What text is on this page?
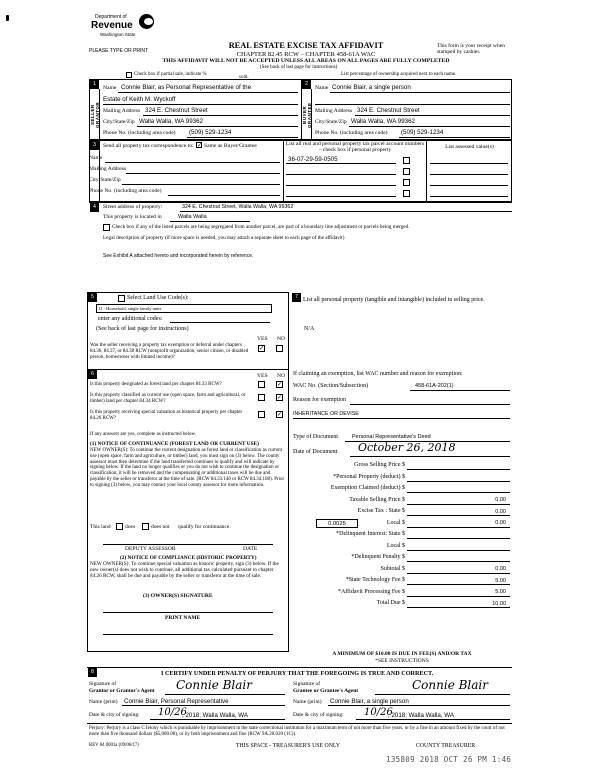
Department of
Revenue
Washington State
PLEASE TYPE OR PRINT
REAL ESTATE EXCISE TAX AFFIDAVIT
CHAPTER 82.45 RCW – CHAPTER 458-61A WAC
THIS AFFIDAVIT WILL NOT BE ACCEPTED UNLESS ALL AREAS ON ALL PAGES ARE FULLY COMPLETED
(See back of last page for instructions)
This form is your receipt when stamped by cashier.
Check box if partial sale, indicate %
sold.
List percentage of ownership acquired next to each name.
1	2
SELLER GRANTOR	BUYER GRANTEE
Name Connie Blair, as Personal Representative of the
Estate of Keith M. Wyckoff
Mailing Address 324 E. Chestnut Street
City/State/Zip Walla Walla, WA 99362
Phone No. (including area code) (509) 529-1234
Name Connie Blair, a single person
Mailing Address 324 E. Chestnut Street
City/State/Zip Walla Walla, WA 99362
Phone No. (including area code) (509) 529-1234
3	Send all property tax correspondence to: ✓ Same as Buyer/Grantee
Name
Mailing Address
City/State/Zip
Phone No. (including area code)
List all real and personal property tax parcel account numbers – check box if personal property
List assessed value(s)
36-07-29-59-0505
4	Street address of property:	324 E. Chestnut Street, Walla Walla, WA 99362
This property is located in	Walla Walla
Check box if any of the listed parcels are being segregated from another parcel, are part of a boundary line adjustment or parcels being merged.
Legal description of property (if more space is needed, you may attach a separate sheet to each page of the affidavit)
See Exhibit A attached hereto and incorporated herein by reference.
5	Select Land Use Code(s):
11 - Household, single family units
enter any additional codes:
(See back of last page for instructions)
YES NO
Was the seller receiving a property tax exemption or deferral under chapters 84.36, 84.37, or 84.38 RCW (nonprofit organization, senior citizen, or disabled person, homeowner with limited income)?
✓
6	YES NO
Is this property designated as forest land per chapter 84.33 RCW?	✓
Is this property classified as current use (open space, farm and agricultural, or timber) land per chapter 84.34 RCW?
✓
Is this property receiving special valuation as historical property per chapter 84.26 RCW?
✓
If any answers are yes, complete as instructed below.
(1) NOTICE OF CONTINUANCE (FOREST LAND OR CURRENT USE)
NEW OWNER(S): To continue the current designation as forest land or classification as current use (open space, farm and agriculture, or timber) land, you must sign on (3) below. The county assessor must then determine if the land transferred continues to qualify and will indicate by signing below. If the land no longer qualifies or you do not wish to continue the designation or classification, it will be removed and the compensating or additional taxes will be due and payable by the seller or transferor at the time of sale. (RCW 84.33.140 or RCW 84.34.108). Prior to signing (3) below, you may contact your local county assessor for more information.
This land	does	does not qualify for continuance.
DEPUTY ASSESSOR	DATE
(2) NOTICE OF COMPLIANCE (HISTORIC PROPERTY)
NEW OWNER(S): To continue special valuation as historic property, sign (3) below. If the new owner(s) does not wish to continue, all additional tax calculated pursuant to chapter 84.26 RCW, shall be due and payable by the seller or transferor at the time of sale.
(3) OWNER(S) SIGNATURE
PRINT NAME
7 List all personal property (tangible and intangible) included in selling price.
N/A
If claiming an exemption, list WAC number and reason for exemption:
WAC No. (Section/Subsection)	458-61A-202(1)
Reason for exemption
INHERITANCE OR DEVISE
Type of Document	Personal Representative's Deed
Date of Document October 26, 2018
Gross Selling Price $
*Personal Property (deduct) $
Exemption Claimed (deduct) $
Taxable Selling Price $	0.00
Excise Tax : State $	0.00
Local $	0.00
0.0025
*Delinquent Interest: State $
Local $
*Delinquent Penalty $
Subtotal $	0.00
*State Technology Fee $	5.00
*Affidavit Processing Fee $	5.00
Total Due $	10.00
A MINIMUM OF $10.00 IS DUE IN FEE(S) AND/OR TAX
*SEE INSTRUCTIONS
8	I CERTIFY UNDER PENALTY OF PERJURY THAT THE FOREGOING IS TRUE AND CORRECT.
Signature of
Grantor or Grantor's Agent Connie Blair
Name (print) Connie Blair, Personal Representative
Date & city of signing: 10/26
, 2018; Walla Walla, WA
Signature of
Grantee or Grantee's Agent	Connie Blair
Name (print) Connie Blair, a single person
Date & city of signing: 10/26
, 2018; Walla Walla, WA
Perjury: Perjury is a class C felony which is punishable by imprisonment in the state correctional institution for a maximum term of not more than five years, or by a fine in an amount fixed by the court of not more than five thousand dollars ($5,000.00), or by both imprisonment and fine (RCW 9A.20.020 (1C)).
REV 84 0001a (09/06/17)	THIS SPACE - TREASURER'S USE ONLY	COUNTY TREASURER
135809 2018 OCT 26 PM 1:46
